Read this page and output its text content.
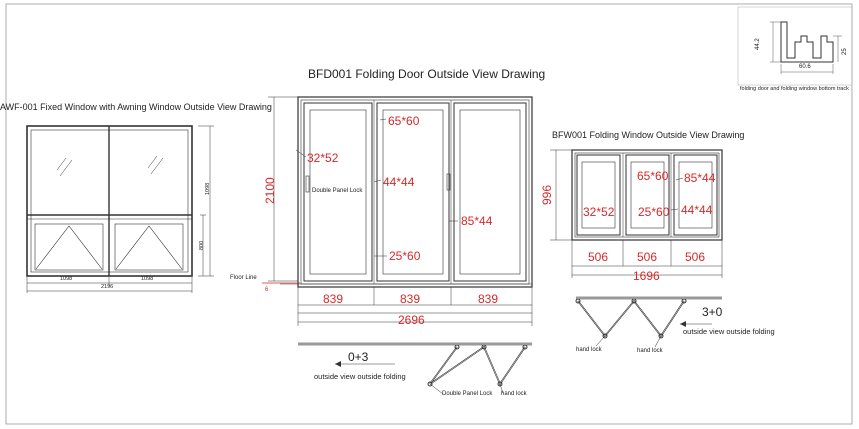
AWF-001 Fixed Window with Awning Window Outside View Drawing
1098	1098
2196
1098
800
BFD001 Folding Door Outside View Drawing
2100
32*52
65*60
44*44
25*60
85*44
Double Panel Lock
Floor Line
6
839	839	839
2696
0+3
outside view outside folding
Double Panel Lock hand lock
BFW001 Folding Window Outside View Drawing
996
32*52
65*60
25*60
85*44
44*44
506 506 506
1696
3+0
outside view outside folding
hand lock	hand lock
44.2
25
60.6
folding door and folding window bottom track
